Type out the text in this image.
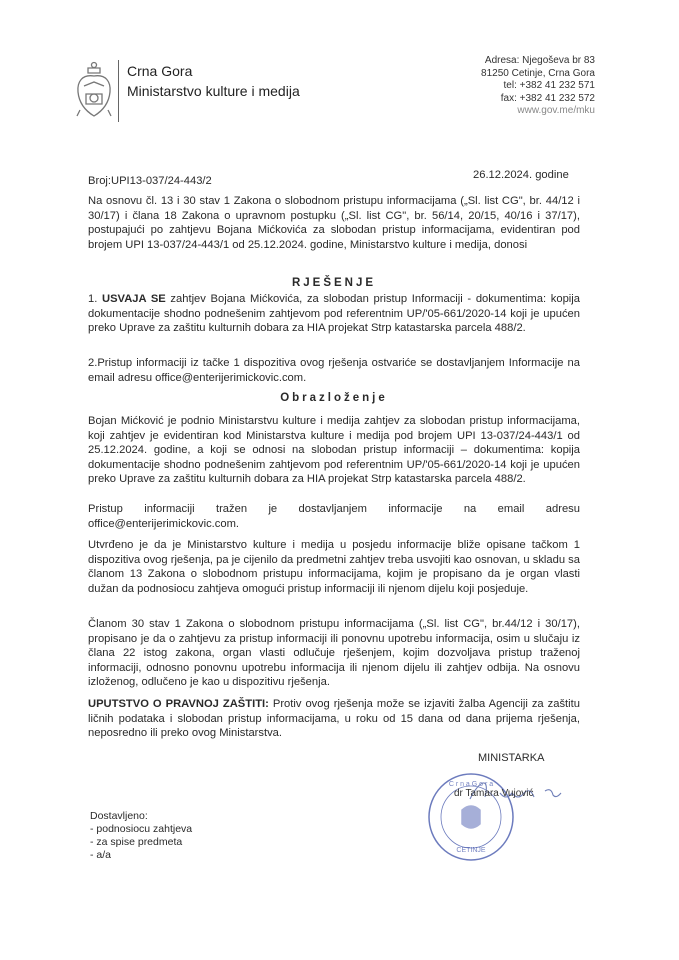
Crna Gora
Ministarstvo kulture i medija
Adresa: Njegoševa br 83
81250 Cetinje, Crna Gora
tel: +382 41 232 571
fax: +382 41 232 572
www.gov.me/mku
Broj:UPI13-037/24-443/2	26.12.2024. godine
Na osnovu čl. 13 i 30 stav 1 Zakona o slobodnom pristupu informacijama („Sl. list CG", br. 44/12 i 30/17) i člana 18 Zakona o upravnom postupku („Sl. list CG", br. 56/14, 20/15, 40/16 i 37/17), postupajući po zahtjevu Bojana Mićkovića za slobodan pristup informacijama, evidentiran pod brojem UPI 13-037/24-443/1 od 25.12.2024. godine, Ministarstvo kulture i medija, donosi
RJEŠENJE
1. USVAJA SE zahtjev Bojana Mićkovića, za slobodan pristup Informaciji - dokumentima: kopija dokumentacije shodno podnešenim zahtjevom pod referentnim UP/'05-661/2020-14 koji je upućen preko Uprave za zaštitu kulturnih dobara za HIA projekat Strp katastarska parcela 488/2.
2.Pristup informaciji iz tačke 1 dispozitiva ovog rješenja ostvariće se dostavljanjem Informacije na email adresu office@enterijerimickovic.com.
Obrazloženje
Bojan Mićković je podnio Ministarstvu kulture i medija zahtjev za slobodan pristup informacijama, koji zahtjev je evidentiran kod Ministarstva kulture i medija pod brojem UPI 13-037/24-443/1 od 25.12.2024. godine, a koji se odnosi na slobodan pristup informaciji – dokumentima: kopija dokumentacije shodno podnešenim zahtjevom pod referentnim UP/'05-661/2020-14 koji je upućen preko Uprave za zaštitu kulturnih dobara za HIA projekat Strp katastarska parcela 488/2.
Pristup informaciji tražen je dostavljanjem informacije na email adresu office@enterijerimickovic.com.
Utvrđeno je da je Ministarstvo kulture i medija u posjedu informacije bliže opisane tačkom 1 dispozitiva ovog rješenja, pa je cijenilo da predmetni zahtjev treba usvojiti kao osnovan, u skladu sa članom 13 Zakona o slobodnom pristupu informacijama, kojim je propisano da je organ vlasti dužan da podnosiocu zahtjeva omogući pristup informaciji ili njenom dijelu koji posjeduje.
Članom 30 stav 1 Zakona o slobodnom pristupu informacijama („Sl. list CG", br.44/12 i 30/17), propisano je da o zahtjevu za pristup informaciji ili ponovnu upotrebu informacija, osim u slučaju iz člana 22 istog zakona, organ vlasti odlučuje rješenjem, kojim dozvoljava pristup traženoj informaciji, odnosno ponovnu upotrebu informacija ili njenom dijelu ili zahtjev odbija. Na osnovu izloženog, odlučeno je kao u dispozitivu rješenja.
UPUTSTVO O PRAVNOJ ZAŠTITI: Protiv ovog rješenja može se izjaviti žalba Agenciji za zaštitu ličnih podataka i slobodan pristup informacijama, u roku od 15 dana od dana prijema rješenja, neposredno ili preko ovog Ministarstva.
MINISTARKA
CETINJE
C r n a G o r a
dr Tamara Vujović
Dostavljeno:
- podnosiocu zahtjeva
- za spise predmeta
- a/a
